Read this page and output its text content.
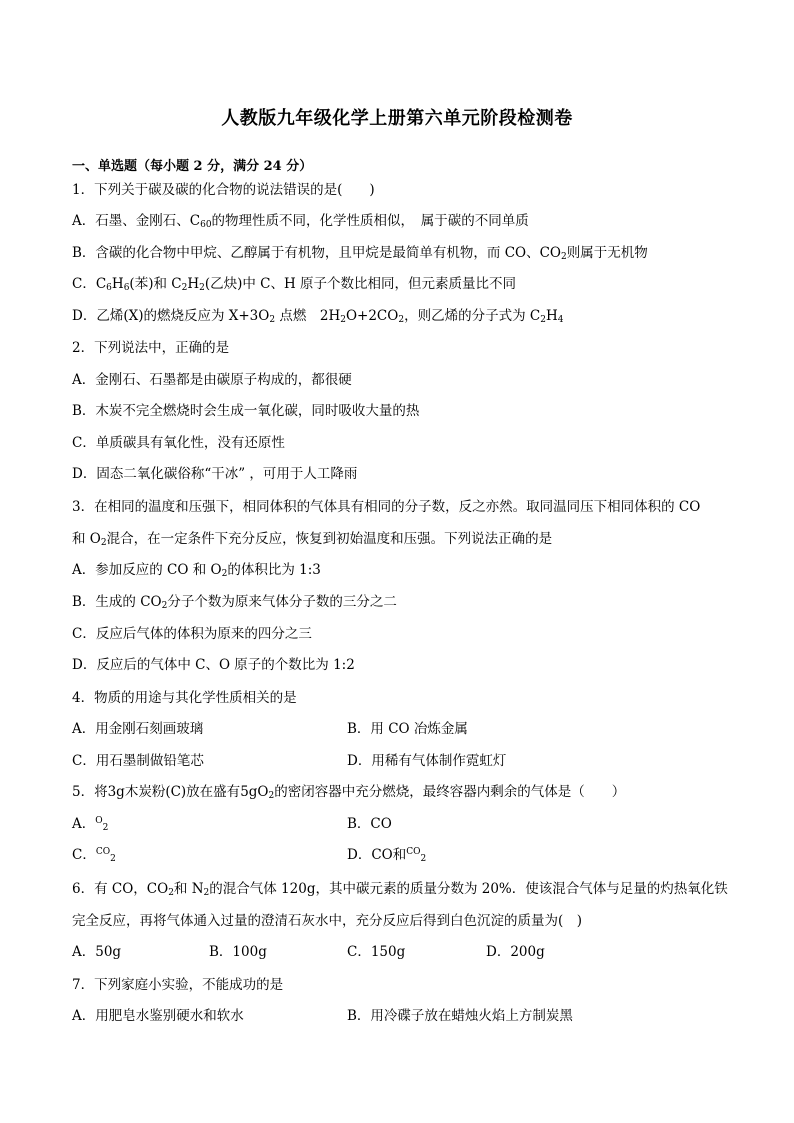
人教版九年级化学上册第六单元阶段检测卷
一、单选题（每小题 2 分，满分 24 分）
1．下列关于碳及碳的化合物的说法错误的是(　　)
A．石墨、金刚石、$C_{60}$的物理性质不同，化学性质相似，　属于碳的不同单质
B．含碳的化合物中甲烷、乙醇属于有机物，且甲烷是最简单有机物，而 CO、$CO_2$则属于无机物
C．$C_6H_6$(苯)和 $C_2H_2$(乙炔)中 C、H 原子个数比相同，但元素质量比不同
D．乙烯(X)的燃烧反应为 $X+3O_2$ 点燃　$2H_2O+2CO_2$，则乙烯的分子式为 $C_2H_4$
2．下列说法中，正确的是
A．金刚石、石墨都是由碳原子构成的，都很硬
B．木炭不完全燃烧时会生成一氧化碳，同时吸收大量的热
C．单质碳具有氧化性，没有还原性
D．固态二氧化碳俗称“干冰” ，可用于人工降雨
3．在相同的温度和压强下，相同体积的气体具有相同的分子数，反之亦然。取同温同压下相同体积的 CO
和 $O_2$混合，在一定条件下充分反应，恢复到初始温度和压强。下列说法正确的是
A．参加反应的 CO 和 $O_2$的体积比为 1:3
B．生成的 $CO_2$分子个数为原来气体分子数的三分之二
C．反应后气体的体积为原来的四分之三
D．反应后的气体中 C、O 原子的个数比为 1:2
4．物质的用途与其化学性质相关的是
A．用金刚石刻画玻璃	B．用 CO 冶炼金属
C．用石墨制做铅笔芯	D．用稀有气体制作霓虹灯
5．将3g木炭粉(C)放在盛有$5gO_2$的密闭容器中充分燃烧，最终容器内剩余的气体是（　　）
A．$^O_2$	B．CO
C．$^{CO}_2$	D．CO和$^{CO}_2$
6．有 CO，$CO_2$和 $N_2$的混合气体 120g，其中碳元素的质量分数为 20%．使该混合气体与足量的灼热氧化铁
完全反应，再将气体通入过量的澄清石灰水中，充分反应后得到白色沉淀的质量为(　)
A．50g	B．100g	C．150g	D．200g
7．下列家庭小实验，不能成功的是
A．用肥皂水鉴别硬水和软水	B．用冷碟子放在蜡烛火焰上方制炭黑
